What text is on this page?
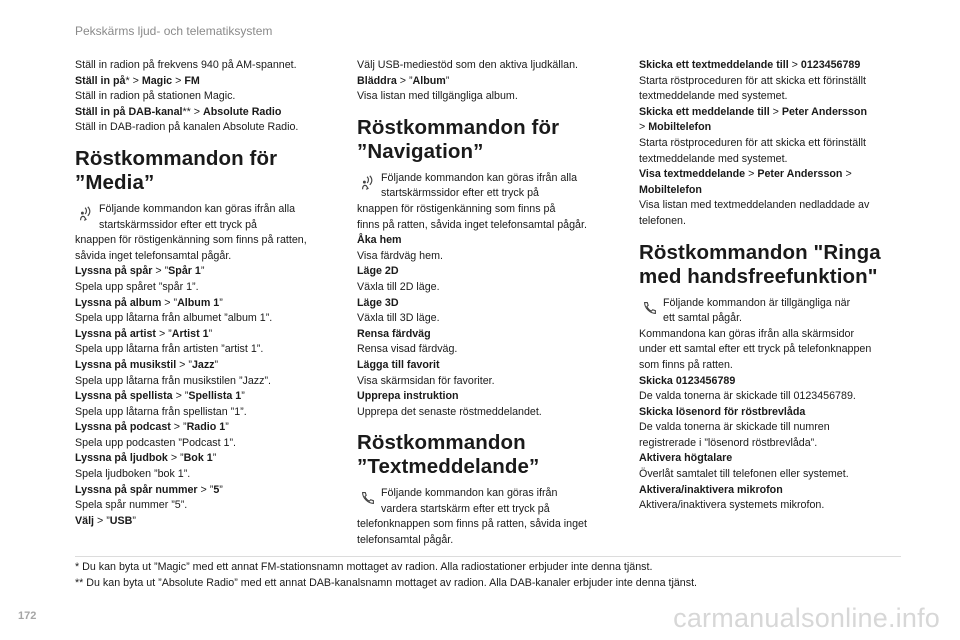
Pekskärms ljud- och telematiksystem
Ställ in radion på frekvens 940 på AM-spannet.
Ställ in på* > Magic > FM
Ställ in radion på stationen Magic.
Ställ in på DAB-kanal** > Absolute Radio
Ställ in DAB-radion på kanalen Absolute Radio.
Röstkommandon för
”Media”
Följande kommandon kan göras ifrån alla
startskärmssidor efter ett tryck på
knappen för röstigenkänning som finns på ratten,
såvida inget telefonsamtal pågår.
Lyssna på spår > ”Spår 1”
Spela upp spåret ”spår 1”.
Lyssna på album > ”Album 1”
Spela upp låtarna från albumet ”album 1”.
Lyssna på artist > ”Artist 1”
Spela upp låtarna från artisten ”artist 1”.
Lyssna på musikstil > ”Jazz”
Spela upp låtarna från musikstilen ”Jazz”.
Lyssna på spellista > ”Spellista 1”
Spela upp låtarna från spellistan ”1”.
Lyssna på podcast > ”Radio 1”
Spela upp podcasten ”Podcast 1”.
Lyssna på ljudbok > ”Bok 1”
Spela ljudboken ”bok 1”.
Lyssna på spår nummer > ”5”
Spela spår nummer ”5”.
Välj > ”USB”
Välj USB-mediestöd som den aktiva ljudkällan.
Bläddra > ”Album”
Visa listan med tillgängliga album.
Röstkommandon för
”Navigation”
Följande kommandon kan göras ifrån alla
startskärmssidor efter ett tryck på
knappen för röstigenkänning som finns på
finns på ratten, såvida inget telefonsamtal pågår.
Åka hem
Visa färdväg hem.
Läge 2D
Växla till 2D läge.
Läge 3D
Växla till 3D läge.
Rensa färdväg
Rensa visad färdväg.
Lägga till favorit
Visa skärmsidan för favoriter.
Upprepa instruktion
Upprepa det senaste röstmeddelandet.
Röstkommandon
”Textmeddelande”
Följande kommandon kan göras ifrån
vardera startskärm efter ett tryck på
telefonknappen som finns på ratten, såvida inget
telefonsamtal pågår.
Skicka ett textmeddelande till > 0123456789
Starta röstproceduren för att skicka ett förinställt
textmeddelande med systemet.
Skicka ett meddelande till > Peter Andersson
> Mobiltelefon
Starta röstproceduren för att skicka ett förinställt
textmeddelande med systemet.
Visa textmeddelande > Peter Andersson >
Mobiltelefon
Visa listan med textmeddelanden nedladdade av
telefonen.
Röstkommandon "Ringa
med handsfreefunktion"
Följande kommandon är tillgängliga när
ett samtal pågår.
Kommandona kan göras ifrån alla skärmsidor
under ett samtal efter ett tryck på telefonknappen
som finns på ratten.
Skicka 0123456789
De valda tonerna är skickade till 0123456789.
Skicka lösenord för röstbrevlåda
De valda tonerna är skickade till numren
registrerade i ”lösenord röstbrevlåda”.
Aktivera högtalare
Överlåt samtalet till telefonen eller systemet.
Aktivera/inaktivera mikrofon
Aktivera/inaktivera systemets mikrofon.
* Du kan byta ut ”Magic” med ett annat FM-stationsnamn mottaget av radion. Alla radiostationer erbjuder inte denna tjänst.
** Du kan byta ut ”Absolute Radio” med ett annat DAB-kanalsnamn mottaget av radion. Alla DAB-kanaler erbjuder inte denna tjänst.
172	carmanualsonline.info
